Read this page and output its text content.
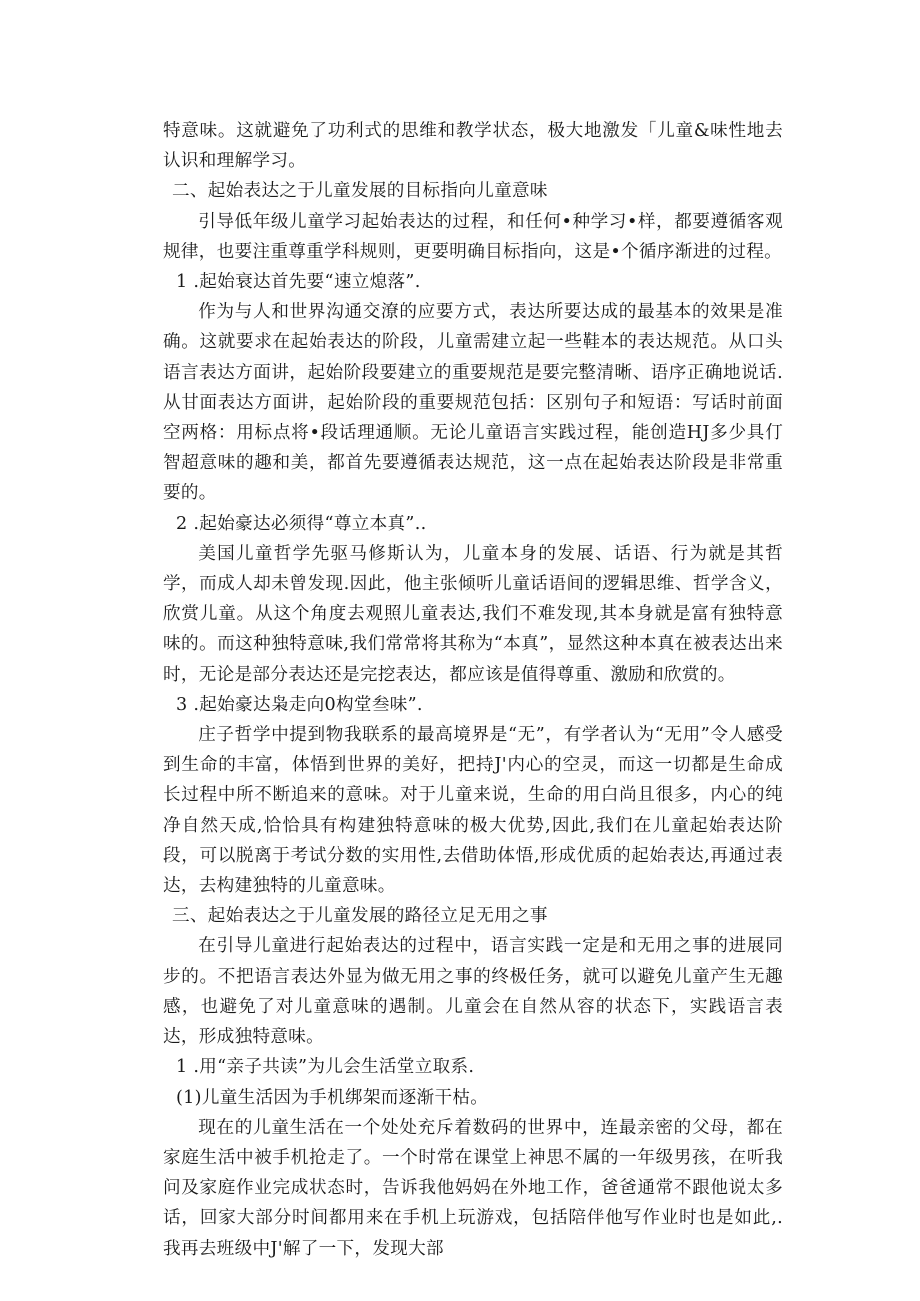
特意味。这就避免了功利式的思维和教学状态，极大地激发「儿童&味性地去认识和理解学习。

二、起始表达之于儿童发展的目标指向儿童意味

引导低年级儿童学习起始表达的过程，和任何•种学习•样，都要遵循客观规律，也要注重尊重学科规则，更要明确目标指向，这是•个循序渐进的过程。

1 .起始衰达首先要“速立熄落”.

作为与人和世界沟通交潦的应要方式，表达所要达成的最基本的效果是准确。这就要求在起始表达的阶段，儿童需建立起一些鞋本的表达规范。从口头语言表达方面讲，起始阶段要建立的重要规范是要完整清晰、语序正确地说话.从甘面表达方面讲，起始阶段的重要规范包括：区别句子和短语：写话时前面空两格：用标点将•段话理通顺。无论儿童语言实践过程，能创造HJ多少具仃智超意味的趣和美，都首先要遵循表达规范，这一点在起始表达阶段是非常重要的。

2 .起始豪达必须得“尊立本真”..

美国儿童哲学先驱马修斯认为，儿童本身的发展、话语、行为就是其哲学，而成人却未曾发现.因此，他主张倾听儿童话语间的逻辑思维、哲学含义，欣赏儿童。从这个角度去观照儿童表达,我们不难发现,其本身就是富有独特意味的。而这种独特意味,我们常常将其称为“本真”，显然这种本真在被表达出来时，无论是部分表达还是完挖表达，都应该是值得尊重、激励和欣赏的。

3 .起始豪达枭走向0构堂叁味”.

庄子哲学中提到物我联系的最高境界是“无”，有学者认为“无用”令人感受到生命的丰富，体悟到世界的美好，把持J'内心的空灵，而这一切都是生命成长过程中所不断追来的意味。对于儿童来说，生命的用白尚且很多，内心的纯净自然天成,恰恰具有构建独特意味的极大优势,因此,我们在儿童起始表达阶段，可以脱离于考试分数的实用性,去借助体悟,形成优质的起始表达,再通过表达，去构建独特的儿童意味。

三、起始表达之于儿童发展的路径立足无用之事

在引导儿童进行起始表达的过程中，语言实践一定是和无用之事的进展同步的。不把语言表达外显为做无用之事的终极任务，就可以避免儿童产生无趣感，也避免了对儿童意味的遇制。儿童会在自然从容的状态下，实践语言表达，形成独特意味。

1 .用“亲子共读”为儿会生活堂立取系.

(1)儿童生活因为手机绑架而逐渐干枯。

现在的儿童生活在一个处处充斥着数码的世界中，连最亲密的父母，都在家庭生活中被手机抢走了。一个时常在课堂上神思不属的一年级男孩，在听我问及家庭作业完成状态时，告诉我他妈妈在外地工作，爸爸通常不跟他说太多话，回家大部分时间都用来在手机上玩游戏，包括陪伴他写作业时也是如此,.我再去班级中J'解了一下，发现大部
